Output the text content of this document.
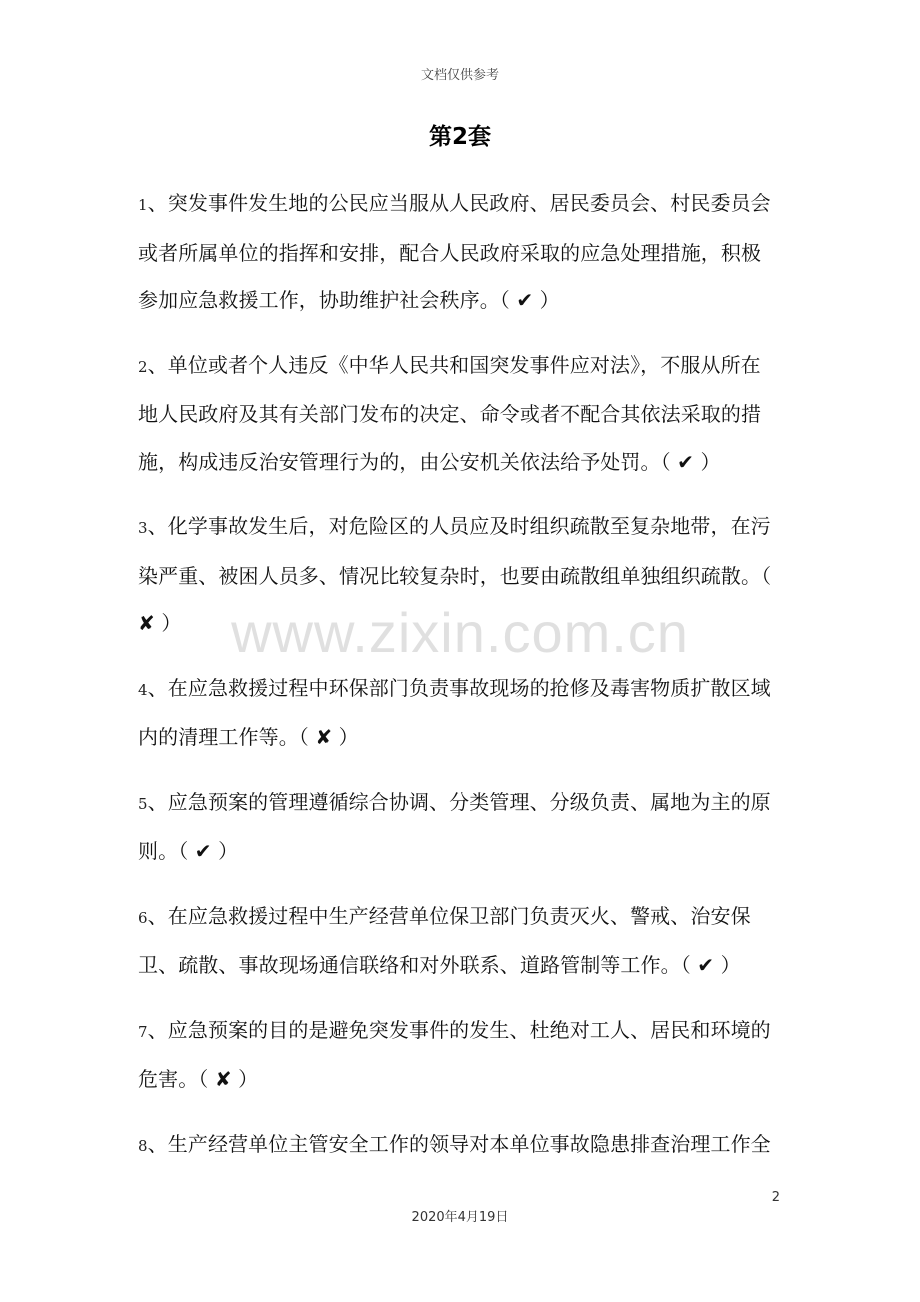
文档仅供参考
第2套
www.zixin.com.cn
1、突发事件发生地的公民应当服从人民政府、居民委员会、村民委员会或者所属单位的指挥和安排，配合人民政府采取的应急处理措施，积极参加应急救援工作，协助维护社会秩序。（ ✔ ）
2、单位或者个人违反《中华人民共和国突发事件应对法》，不服从所在地人民政府及其有关部门发布的决定、命令或者不配合其依法采取的措施，构成违反治安管理行为的，由公安机关依法给予处罚。（ ✔ ）
3、化学事故发生后，对危险区的人员应及时组织疏散至复杂地带，在污染严重、被困人员多、情况比较复杂时，也要由疏散组单独组织疏散。（ ✘ ）
4、在应急救援过程中环保部门负责事故现场的抢修及毒害物质扩散区域内的清理工作等。（ ✘ ）
5、应急预案的管理遵循综合协调、分类管理、分级负责、属地为主的原则。（ ✔ ）
6、在应急救援过程中生产经营单位保卫部门负责灭火、警戒、治安保卫、疏散、事故现场通信联络和对外联系、道路管制等工作。（ ✔ ）
7、应急预案的目的是避免突发事件的发生、杜绝对工人、居民和环境的危害。（ ✘ ）
8、生产经营单位主管安全工作的领导对本单位事故隐患排查治理工作全
2
2020年4月19日
